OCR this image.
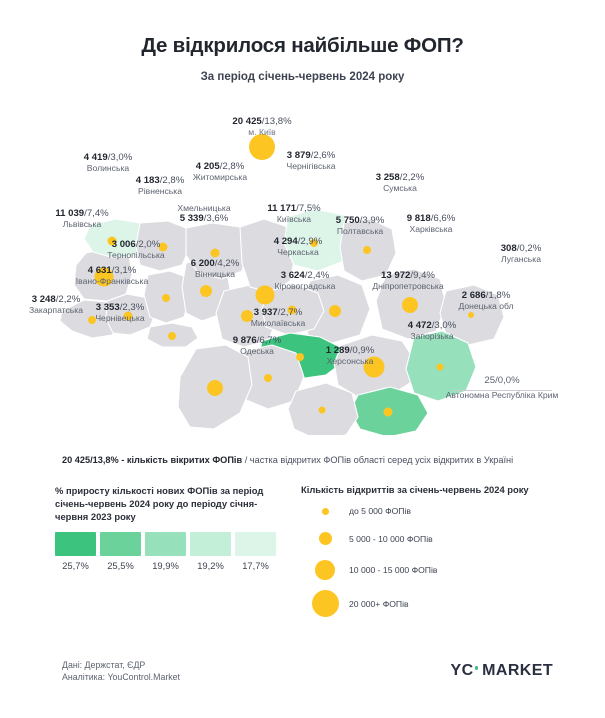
Де відкрилося найбільше ФОП?
За період січень-червень 2024 року
20 425/13,8%
м. Київ
4 419/3,0%
Волинська
4 183/2,8%
Рівненська
4 205/2,8%
Житомирська
3 879/2,6%
Чернігівська
3 258/2,2%
Сумська
11 039/7,4%
Львівська
Хмельницька
5 339/3,6%
11 171/7,5%
Київська	5 750/3,9%
Полтавська
9 818/6,6%
Харківська
3 006/2,0%
Тернопільська
4 294/2,9%
Черкаська
6 200/4,2%
Вінницька
4 631/3,1%
Івано-Франківська
308/0,2%
Луганська
3 248/2,2%
Закарпатська	3 353/2,3%
Чернівецька
3 624/2,4%
Кіровоградська
13 972/9,4%
Дніпропетровська
2 686/1,8%
Донецька обл
3 937/2,7%
Миколаївська	4 472/3,0%
Запорізька
9 876/6,7%
Одеська	1 289/0,9%
Херсонська
25/0,0%
Автономна Республіка Крим
20 425/13,8% - кількість вікритих ФОПів / частка відкритих ФОПів області серед усіх відкритих в Україні
% приросту кількості нових ФОПів за період січень-червень 2024 року до періоду січня-червня 2023 року
25,7%	25,5%	19,9%	19,2%	17,7%
Кількість відкриттів за січень-червень 2024 року
до 5 000 ФОПів
5 000 - 10 000 ФОПів
10 000 - 15 000 ФОПів
20 000+ ФОПів
Дані: Держстат, ЄДР
Аналітика: YouControl.Market	YC MARKET
